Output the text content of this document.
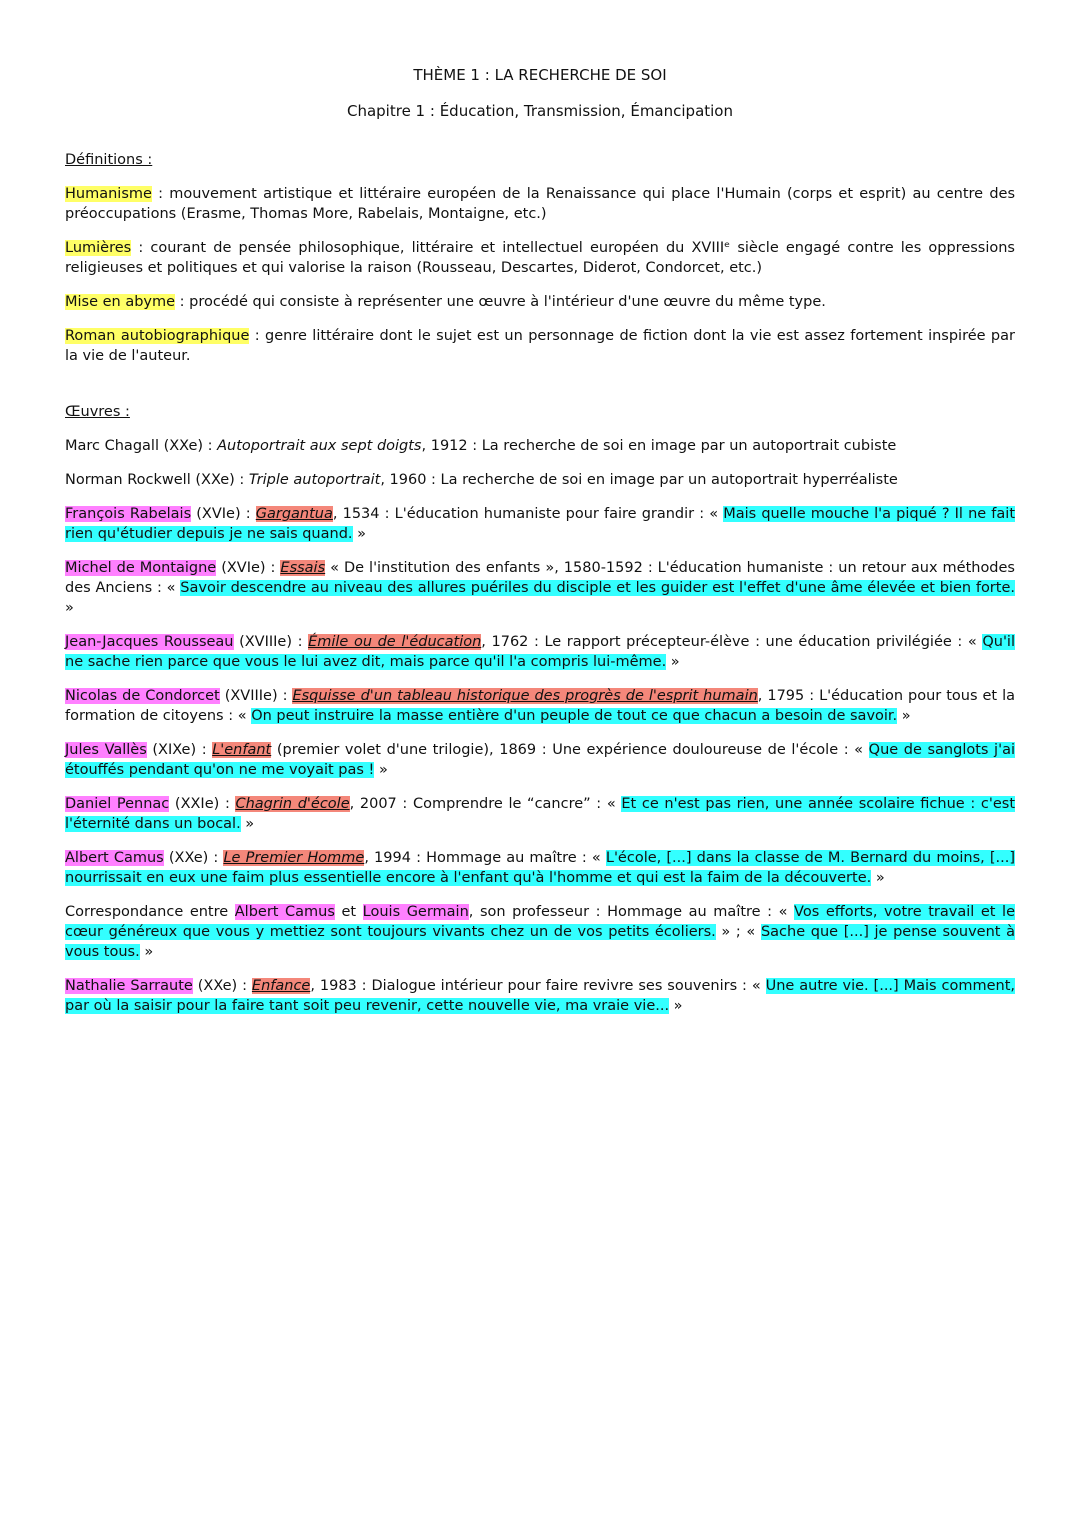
THÈME 1 : LA RECHERCHE DE SOI

Chapitre 1 : Éducation, Transmission, Émancipation

Définitions :

Humanisme : mouvement artistique et littéraire européen de la Renaissance qui place l'Humain (corps et esprit) au centre des préoccupations (Erasme, Thomas More, Rabelais, Montaigne, etc.)

Lumières : courant de pensée philosophique, littéraire et intellectuel européen du XVIIIᵉ siècle engagé contre les oppressions religieuses et politiques et qui valorise la raison (Rousseau, Descartes, Diderot, Condorcet, etc.)

Mise en abyme : procédé qui consiste à représenter une œuvre à l'intérieur d'une œuvre du même type.

Roman autobiographique : genre littéraire dont le sujet est un personnage de fiction dont la vie est assez fortement inspirée par la vie de l'auteur.

Œuvres :

Marc Chagall (XXe) : Autoportrait aux sept doigts, 1912 : La recherche de soi en image par un autoportrait cubiste

Norman Rockwell (XXe) : Triple autoportrait, 1960 : La recherche de soi en image par un autoportrait hyperréaliste

François Rabelais (XVIe) : Gargantua, 1534 : L'éducation humaniste pour faire grandir : « Mais quelle mouche l'a piqué ? Il ne fait rien qu'étudier depuis je ne sais quand. »

Michel de Montaigne (XVIe) : Essais « De l'institution des enfants », 1580-1592 : L'éducation humaniste : un retour aux méthodes des Anciens : « Savoir descendre au niveau des allures puériles du disciple et les guider est l'effet d'une âme élevée et bien forte. »

Jean-Jacques Rousseau (XVIIIe) : Émile ou de l'éducation, 1762 : Le rapport précepteur-élève : une éducation privilégiée : « Qu'il ne sache rien parce que vous le lui avez dit, mais parce qu'il l'a compris lui-même. »

Nicolas de Condorcet (XVIIIe) : Esquisse d'un tableau historique des progrès de l'esprit humain, 1795 : L'éducation pour tous et la formation de citoyens : « On peut instruire la masse entière d'un peuple de tout ce que chacun a besoin de savoir. »

Jules Vallès (XIXe) : L'enfant (premier volet d'une trilogie), 1869 : Une expérience douloureuse de l'école : « Que de sanglots j'ai étouffés pendant qu'on ne me voyait pas ! »

Daniel Pennac (XXIe) : Chagrin d'école, 2007 : Comprendre le “cancre” : « Et ce n'est pas rien, une année scolaire fichue : c'est l'éternité dans un bocal. »

Albert Camus (XXe) : Le Premier Homme, 1994 : Hommage au maître : « L'école, [...] dans la classe de M. Bernard du moins, [...] nourrissait en eux une faim plus essentielle encore à l'enfant qu'à l'homme et qui est la faim de la découverte. »

Correspondance entre Albert Camus et Louis Germain, son professeur : Hommage au maître : « Vos efforts, votre travail et le cœur généreux que vous y mettiez sont toujours vivants chez un de vos petits écoliers. » ; « Sache que [...] je pense souvent à vous tous. »

Nathalie Sarraute (XXe) : Enfance, 1983 : Dialogue intérieur pour faire revivre ses souvenirs : « Une autre vie. [...] Mais comment, par où la saisir pour la faire tant soit peu revenir, cette nouvelle vie, ma vraie vie... »
